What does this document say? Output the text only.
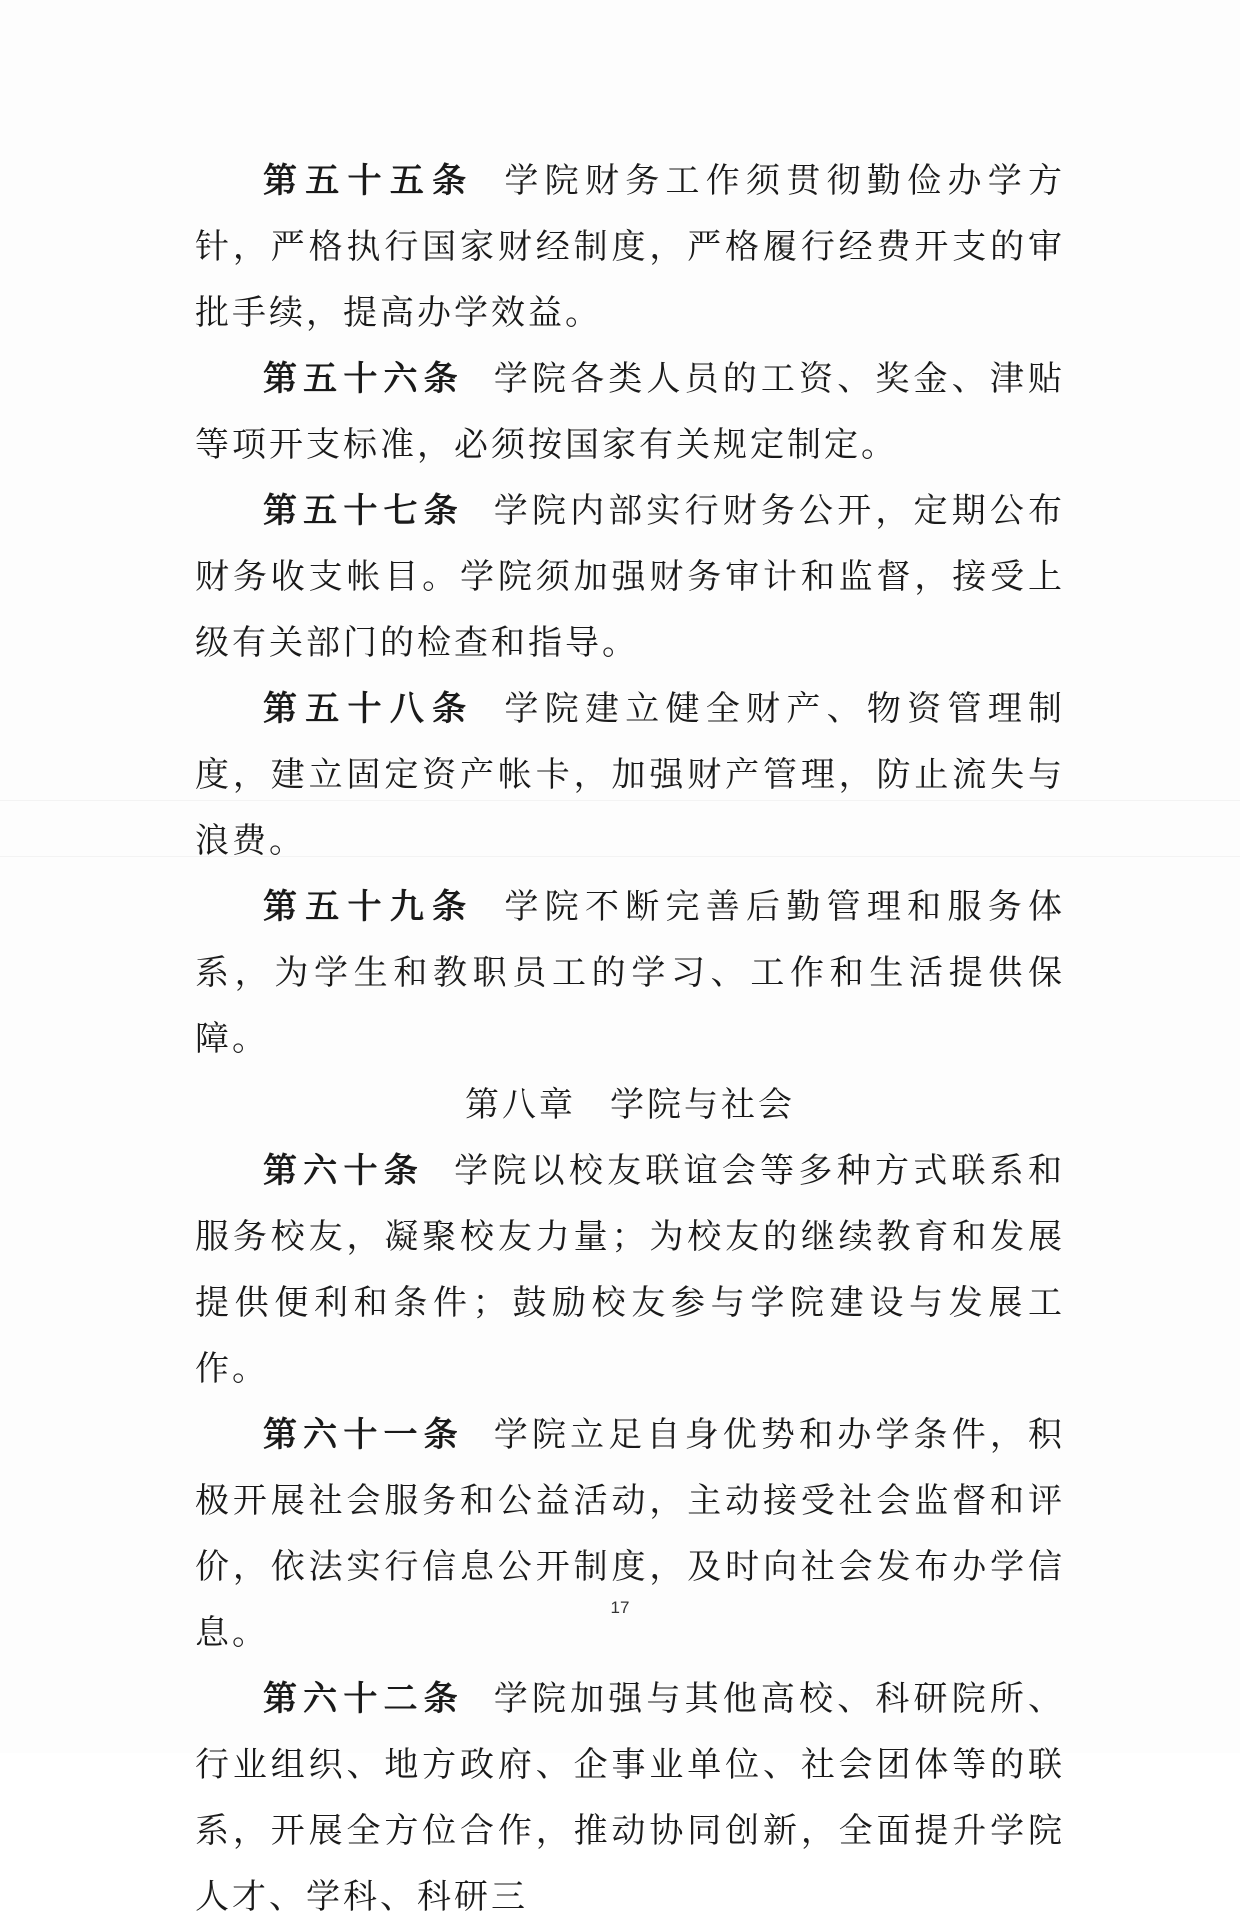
第五十五条 学院财务工作须贯彻勤俭办学方针，严格执行国家财经制度，严格履行经费开支的审批手续，提高办学效益。

第五十六条 学院各类人员的工资、奖金、津贴等项开支标准，必须按国家有关规定制定。

第五十七条 学院内部实行财务公开，定期公布财务收支帐目。学院须加强财务审计和监督，接受上级有关部门的检查和指导。

第五十八条 学院建立健全财产、物资管理制度，建立固定资产帐卡，加强财产管理，防止流失与浪费。

第五十九条 学院不断完善后勤管理和服务体系，为学生和教职员工的学习、工作和生活提供保障。

第八章 学院与社会

第六十条 学院以校友联谊会等多种方式联系和服务校友，凝聚校友力量；为校友的继续教育和发展提供便利和条件；鼓励校友参与学院建设与发展工作。

第六十一条 学院立足自身优势和办学条件，积极开展社会服务和公益活动，主动接受社会监督和评价，依法实行信息公开制度，及时向社会发布办学信息。

第六十二条 学院加强与其他高校、科研院所、行业组织、地方政府、企事业单位、社会团体等的联系，开展全方位合作，推动协同创新，全面提升学院人才、学科、科研三

17
